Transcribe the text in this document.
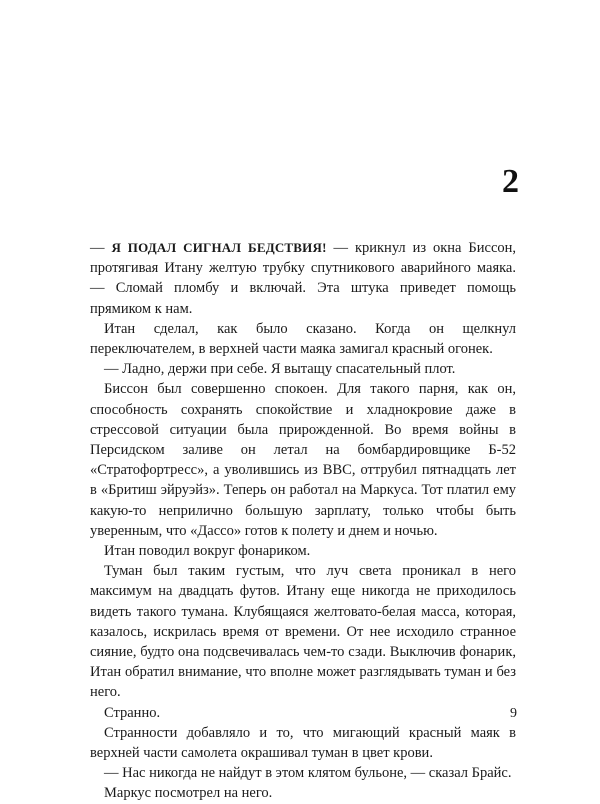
2

— Я ПОДАЛ СИГНАЛ БЕДСТВИЯ! — крикнул из окна Биссон, протягивая Итану желтую трубку спутникового аварийного маяка. — Сломай пломбу и включай. Эта штука приведет помощь прямиком к нам.

Итан сделал, как было сказано. Когда он щелкнул переключателем, в верхней части маяка замигал красный огонек.

— Ладно, держи при себе. Я вытащу спасательный плот.

Биссон был совершенно спокоен. Для такого парня, как он, способность сохранять спокойствие и хладнокровие даже в стрессовой ситуации была прирожденной. Во время войны в Персидском заливе он летал на бомбардировщике Б-52 «Стратофортресс», а уволившись из ВВС, оттрубил пятнадцать лет в «Бритиш эйруэйз». Теперь он работал на Маркуса. Тот платил ему какую-то неприлично большую зарплату, только чтобы быть уверенным, что «Дассо» готов к полету и днем и ночью.

Итан поводил вокруг фонариком.

Туман был таким густым, что луч света проникал в него максимум на двадцать футов. Итану еще никогда не приходилось видеть такого тумана. Клубящаяся желтовато-белая масса, которая, казалось, искрилась время от времени. От нее исходило странное сияние, будто она подсвечивалась чем-то сзади. Выключив фонарик, Итан обратил внимание, что вполне может разглядывать туман и без него.

Странно.

Странности добавляло и то, что мигающий красный маяк в верхней части самолета окрашивал туман в цвет крови.

— Нас никогда не найдут в этом клятом бульоне, — сказал Брайс.

Маркус посмотрел на него.

9
